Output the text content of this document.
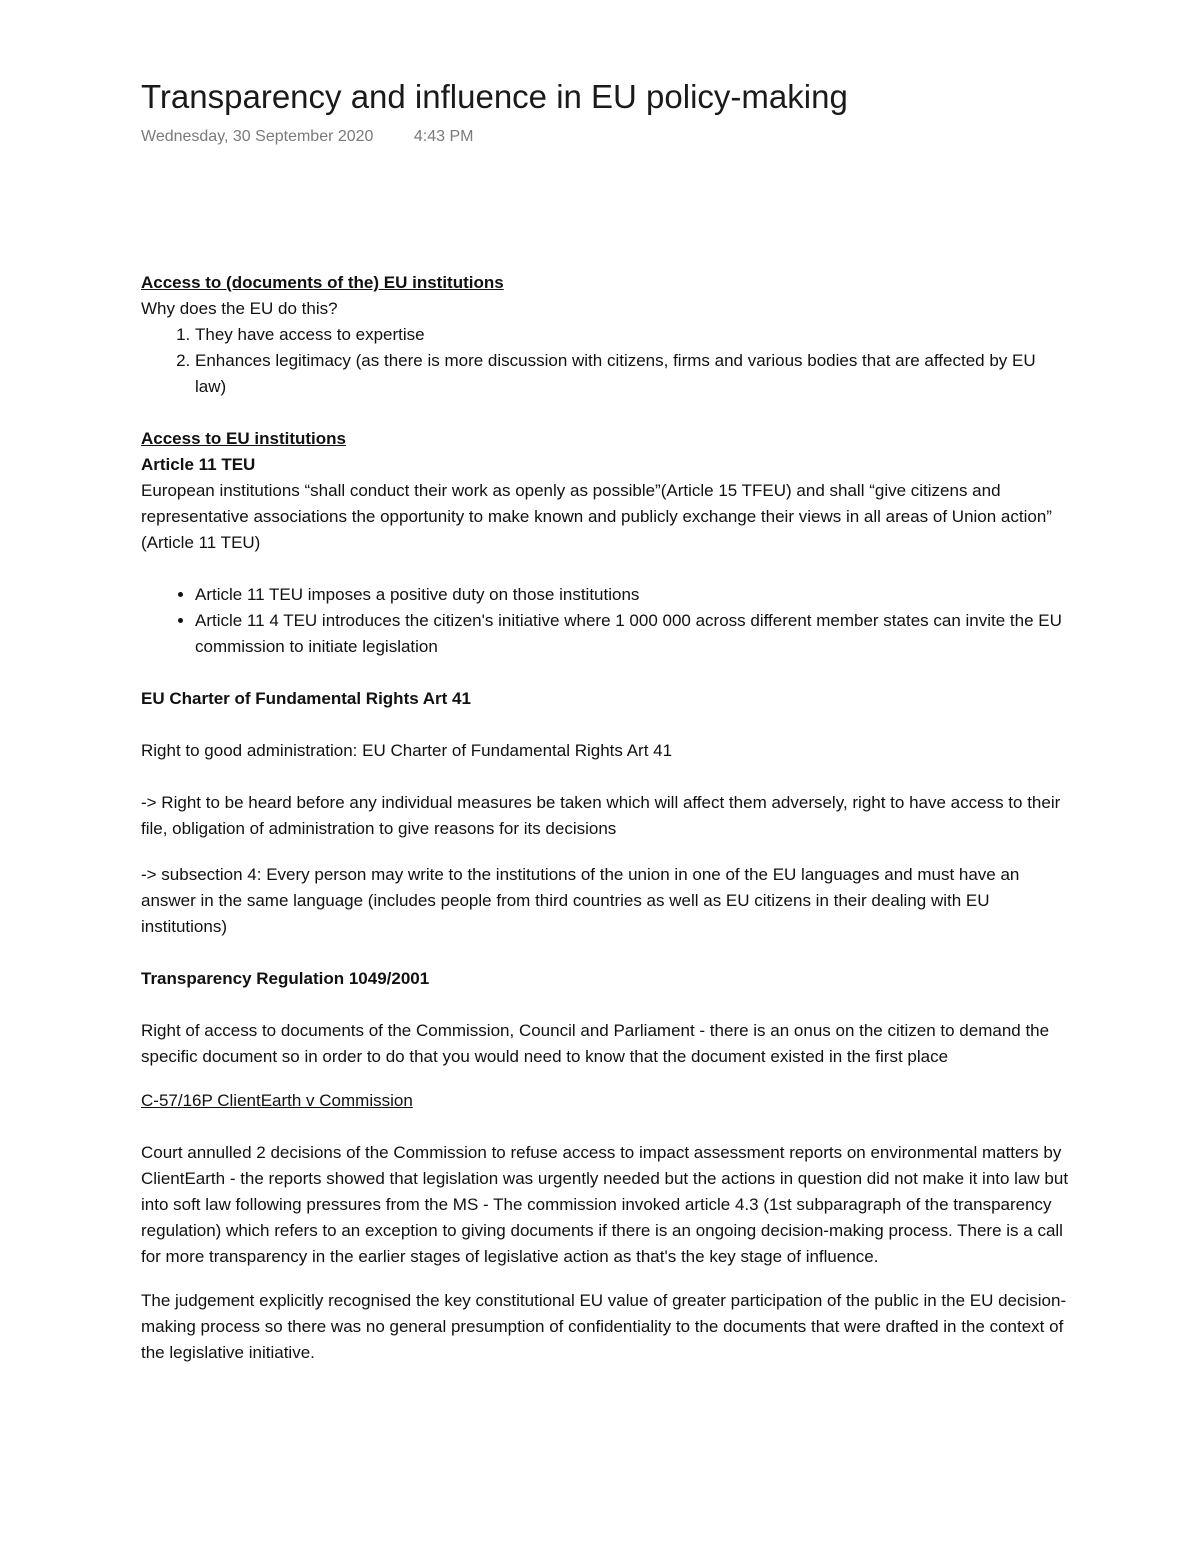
Transparency and influence in EU policy-making
Wednesday, 30 September 2020	4:43 PM

Access to (documents of the) EU institutions

Why does the EU do this?

1. They have access to expertise
2. Enhances legitimacy (as there is more discussion with citizens, firms and various bodies that are affected by EU law)

Access to EU institutions

Article 11 TEU

European institutions “shall conduct their work as openly as possible”(Article 15 TFEU) and shall “give citizens and representative associations the opportunity to make known and publicly exchange their views in all areas of Union action” (Article 11 TEU)

• Article 11 TEU imposes a positive duty on those institutions
• Article 11 4 TEU introduces the citizen's initiative where 1 000 000 across different member states can invite the EU commission to initiate legislation

EU Charter of Fundamental Rights Art 41

Right to good administration: EU Charter of Fundamental Rights Art 41

-> Right to be heard before any individual measures be taken which will affect them adversely, right to have access to their file, obligation of administration to give reasons for its decisions

-> subsection 4: Every person may write to the institutions of the union in one of the EU languages and must have an answer in the same language (includes people from third countries as well as EU citizens in their dealing with EU institutions)

Transparency Regulation 1049/2001

Right of access to documents of the Commission, Council and Parliament - there is an onus on the citizen to demand the specific document so in order to do that you would need to know that the document existed in the first place

C-57/16P ClientEarth v Commission

Court annulled 2 decisions of the Commission to refuse access to impact assessment reports on environmental matters by ClientEarth - the reports showed that legislation was urgently needed but the actions in question did not make it into law but into soft law following pressures from the MS - The commission invoked article 4.3 (1st subparagraph of the transparency regulation) which refers to an exception to giving documents if there is an ongoing decision-making process. There is a call for more transparency in the earlier stages of legislative action as that's the key stage of influence.

The judgement explicitly recognised the key constitutional EU value of greater participation of the public in the EU decision-making process so there was no general presumption of confidentiality to the documents that were drafted in the context of the legislative initiative.
